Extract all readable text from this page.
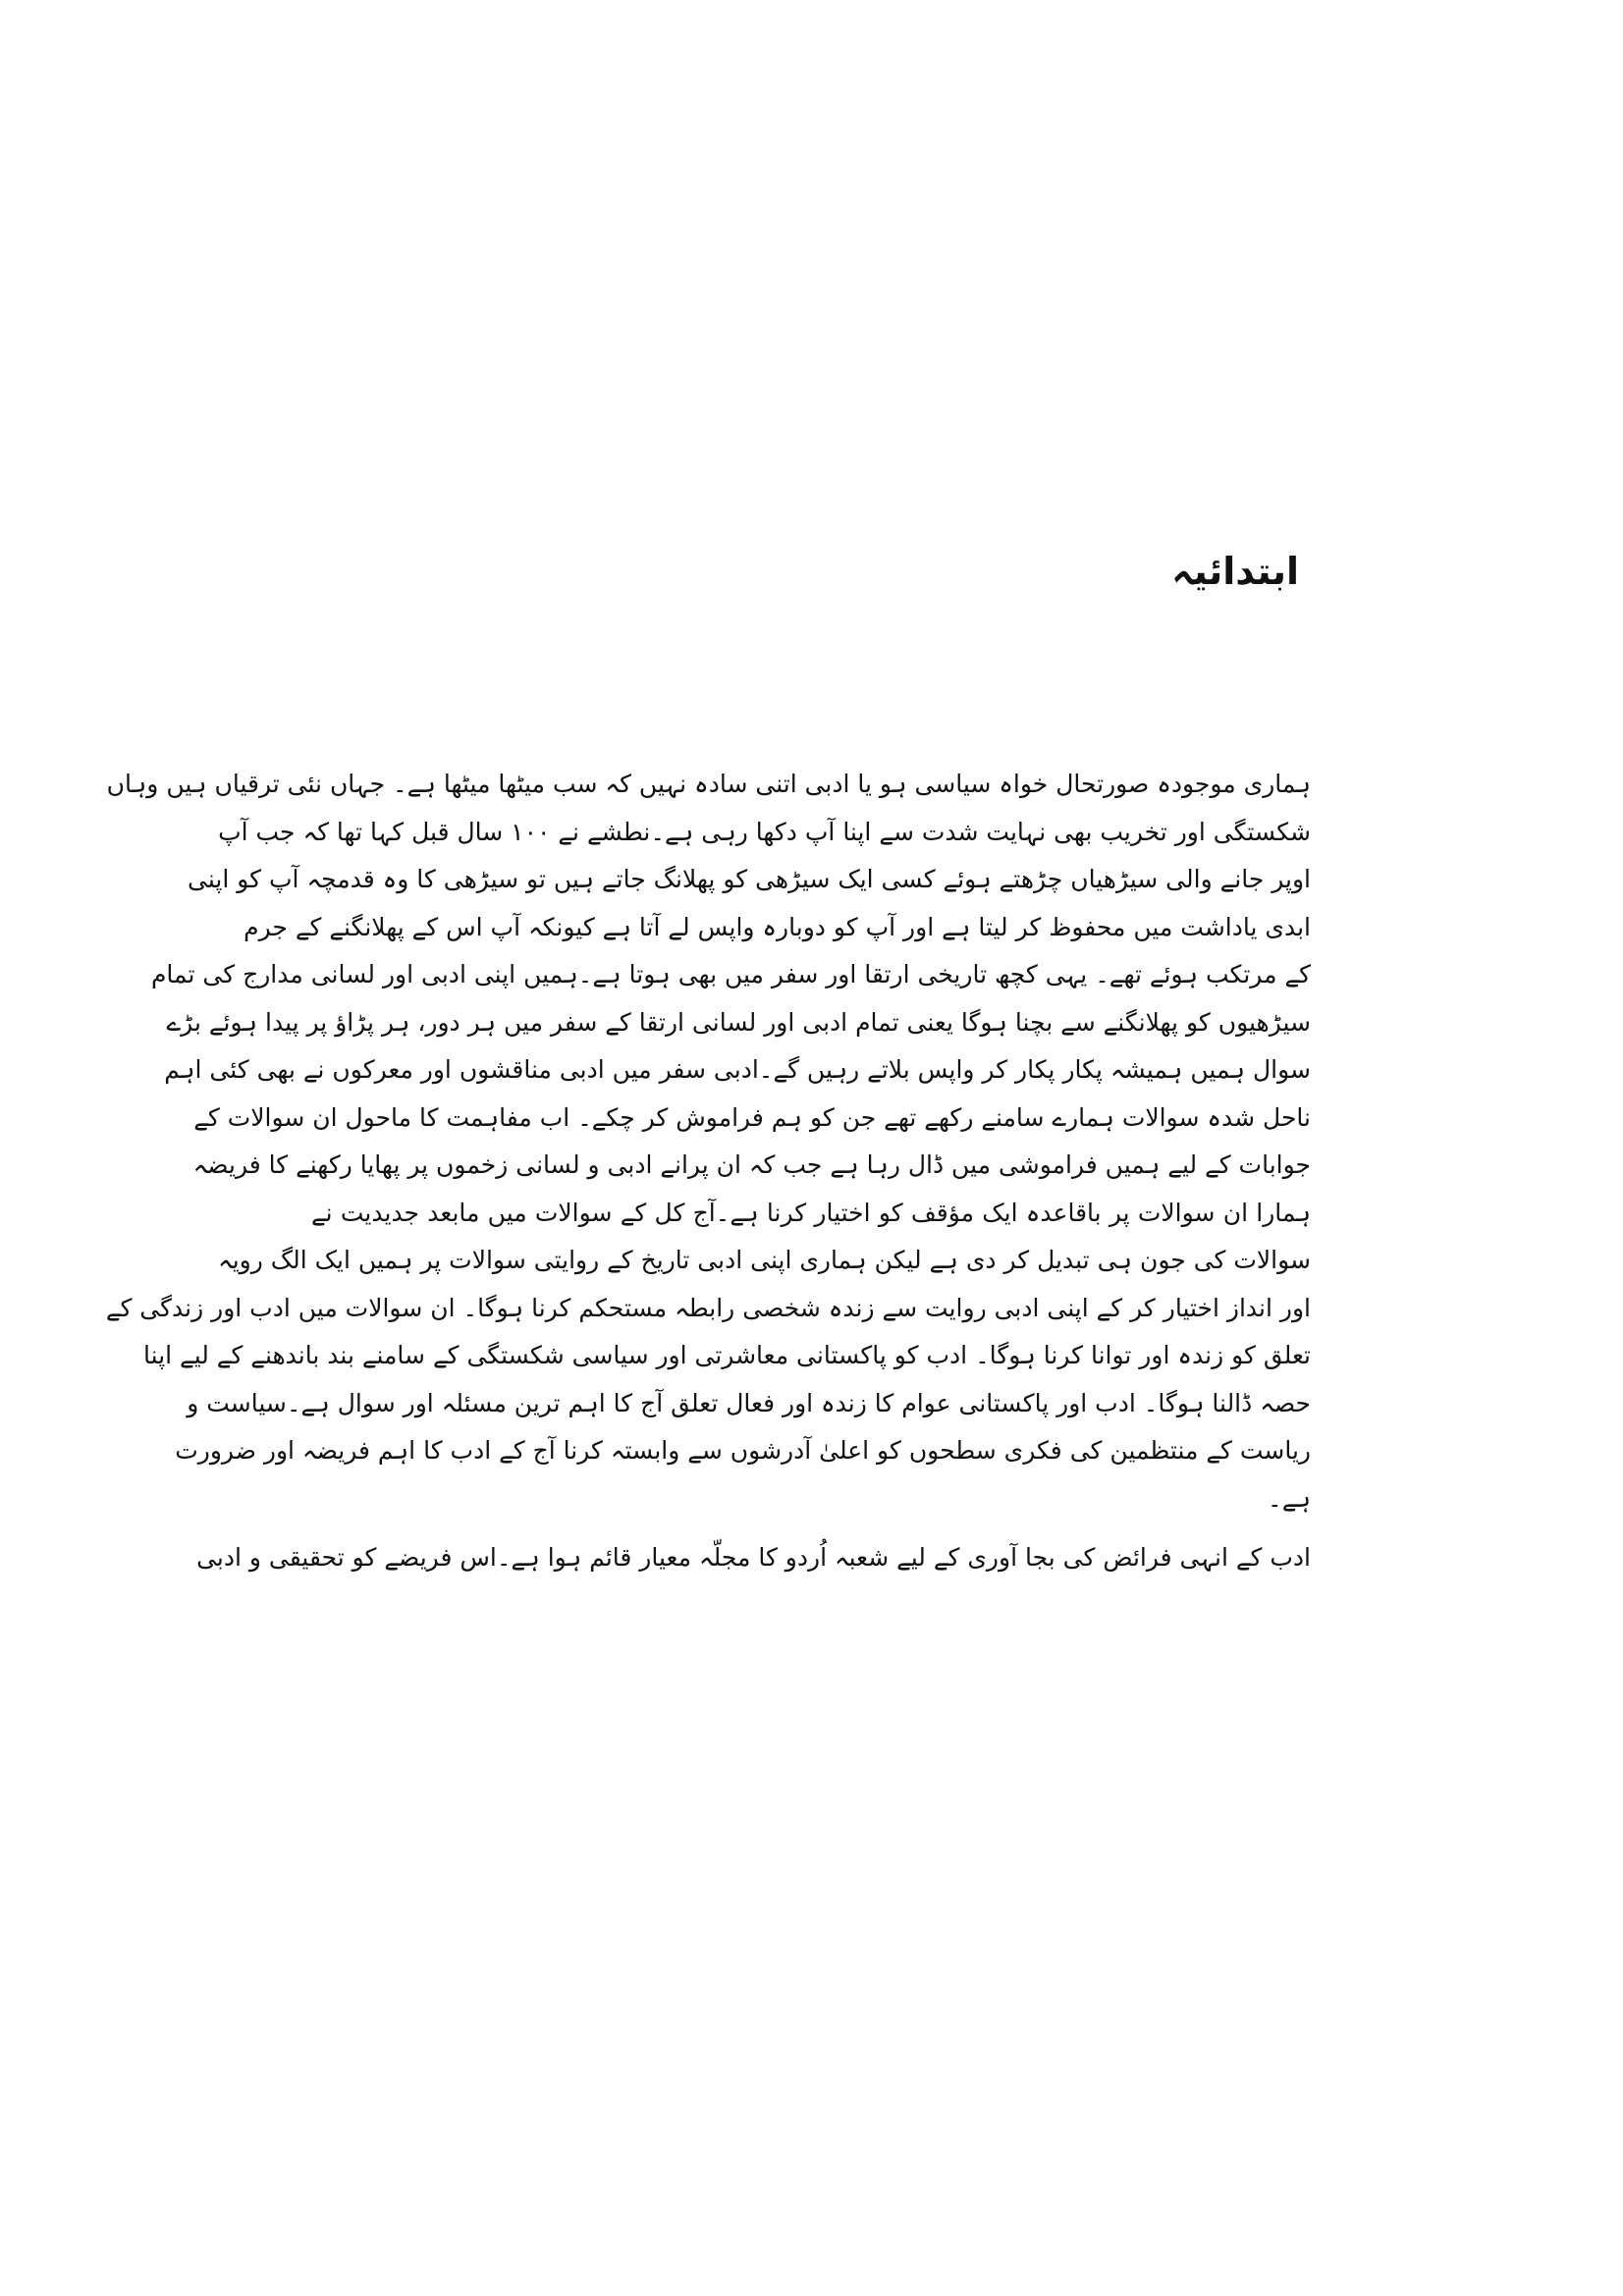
ابتدائیہ
ہماری موجودہ صورتحال خواہ سیاسی ہو یا ادبی اتنی سادہ نہیں کہ سب میٹھا میٹھا ہے۔ جہاں نئی ترقیاں ہیں وہاں
شکستگی اور تخریب بھی نہایت شدت سے اپنا آپ دکھا رہی ہے۔نطشے نے ۱۰۰ سال قبل کہا تھا کہ جب آپ
اوپر جانے والی سیڑھیاں چڑھتے ہوئے کسی ایک سیڑھی کو پھلانگ جاتے ہیں تو سیڑھی کا وہ قدمچہ آپ کو اپنی
ابدی یاداشت میں محفوظ کر لیتا ہے اور آپ کو دوبارہ واپس لے آتا ہے کیونکہ آپ اس کے پھلانگنے کے جرم
کے مرتکب ہوئے تھے۔ یہی کچھ تاریخی ارتقا اور سفر میں بھی ہوتا ہے۔ہمیں اپنی ادبی اور لسانی مدارج کی تمام
سیڑھیوں کو پھلانگنے سے بچنا ہوگا یعنی تمام ادبی اور لسانی ارتقا کے سفر میں ہر دور، ہر پڑاؤ پر پیدا ہوئے بڑے
سوال ہمیں ہمیشہ پکار پکار کر واپس بلاتے رہیں گے۔ادبی سفر میں ادبی مناقشوں اور معرکوں نے بھی کئی اہم
ناحل شدہ سوالات ہمارے سامنے رکھے تھے جن کو ہم فراموش کر چکے۔ اب مفاہمت کا ماحول ان سوالات کے
جوابات کے لیے ہمیں فراموشی میں ڈال رہا ہے جب کہ ان پرانے ادبی و لسانی زخموں پر پھایا رکھنے کا فریضہ
ہمارا ان سوالات پر باقاعدہ ایک مؤقف کو اختیار کرنا ہے۔آج کل کے سوالات میں مابعد جدیدیت نے
سوالات کی جون ہی تبدیل کر دی ہے لیکن ہماری اپنی ادبی تاریخ کے روایتی سوالات پر ہمیں ایک الگ رویہ
اور انداز اختیار کر کے اپنی ادبی روایت سے زندہ شخصی رابطہ مستحکم کرنا ہوگا۔ ان سوالات میں ادب اور زندگی کے
تعلق کو زندہ اور توانا کرنا ہوگا۔ ادب کو پاکستانی معاشرتی اور سیاسی شکستگی کے سامنے بند باندھنے کے لیے اپنا
حصہ ڈالنا ہوگا۔ ادب اور پاکستانی عوام کا زندہ اور فعال تعلق آج کا اہم ترین مسئلہ اور سوال ہے۔سیاست و
ریاست کے منتظمین کی فکری سطحوں کو اعلیٰ آدرشوں سے وابستہ کرنا آج کے ادب کا اہم فریضہ اور ضرورت
ہے۔
ادب کے انہی فرائض کی بجا آوری کے لیے شعبہ اُردو کا مجلّہ معیار قائم ہوا ہے۔اس فریضے کو تحقیقی و ادبی
